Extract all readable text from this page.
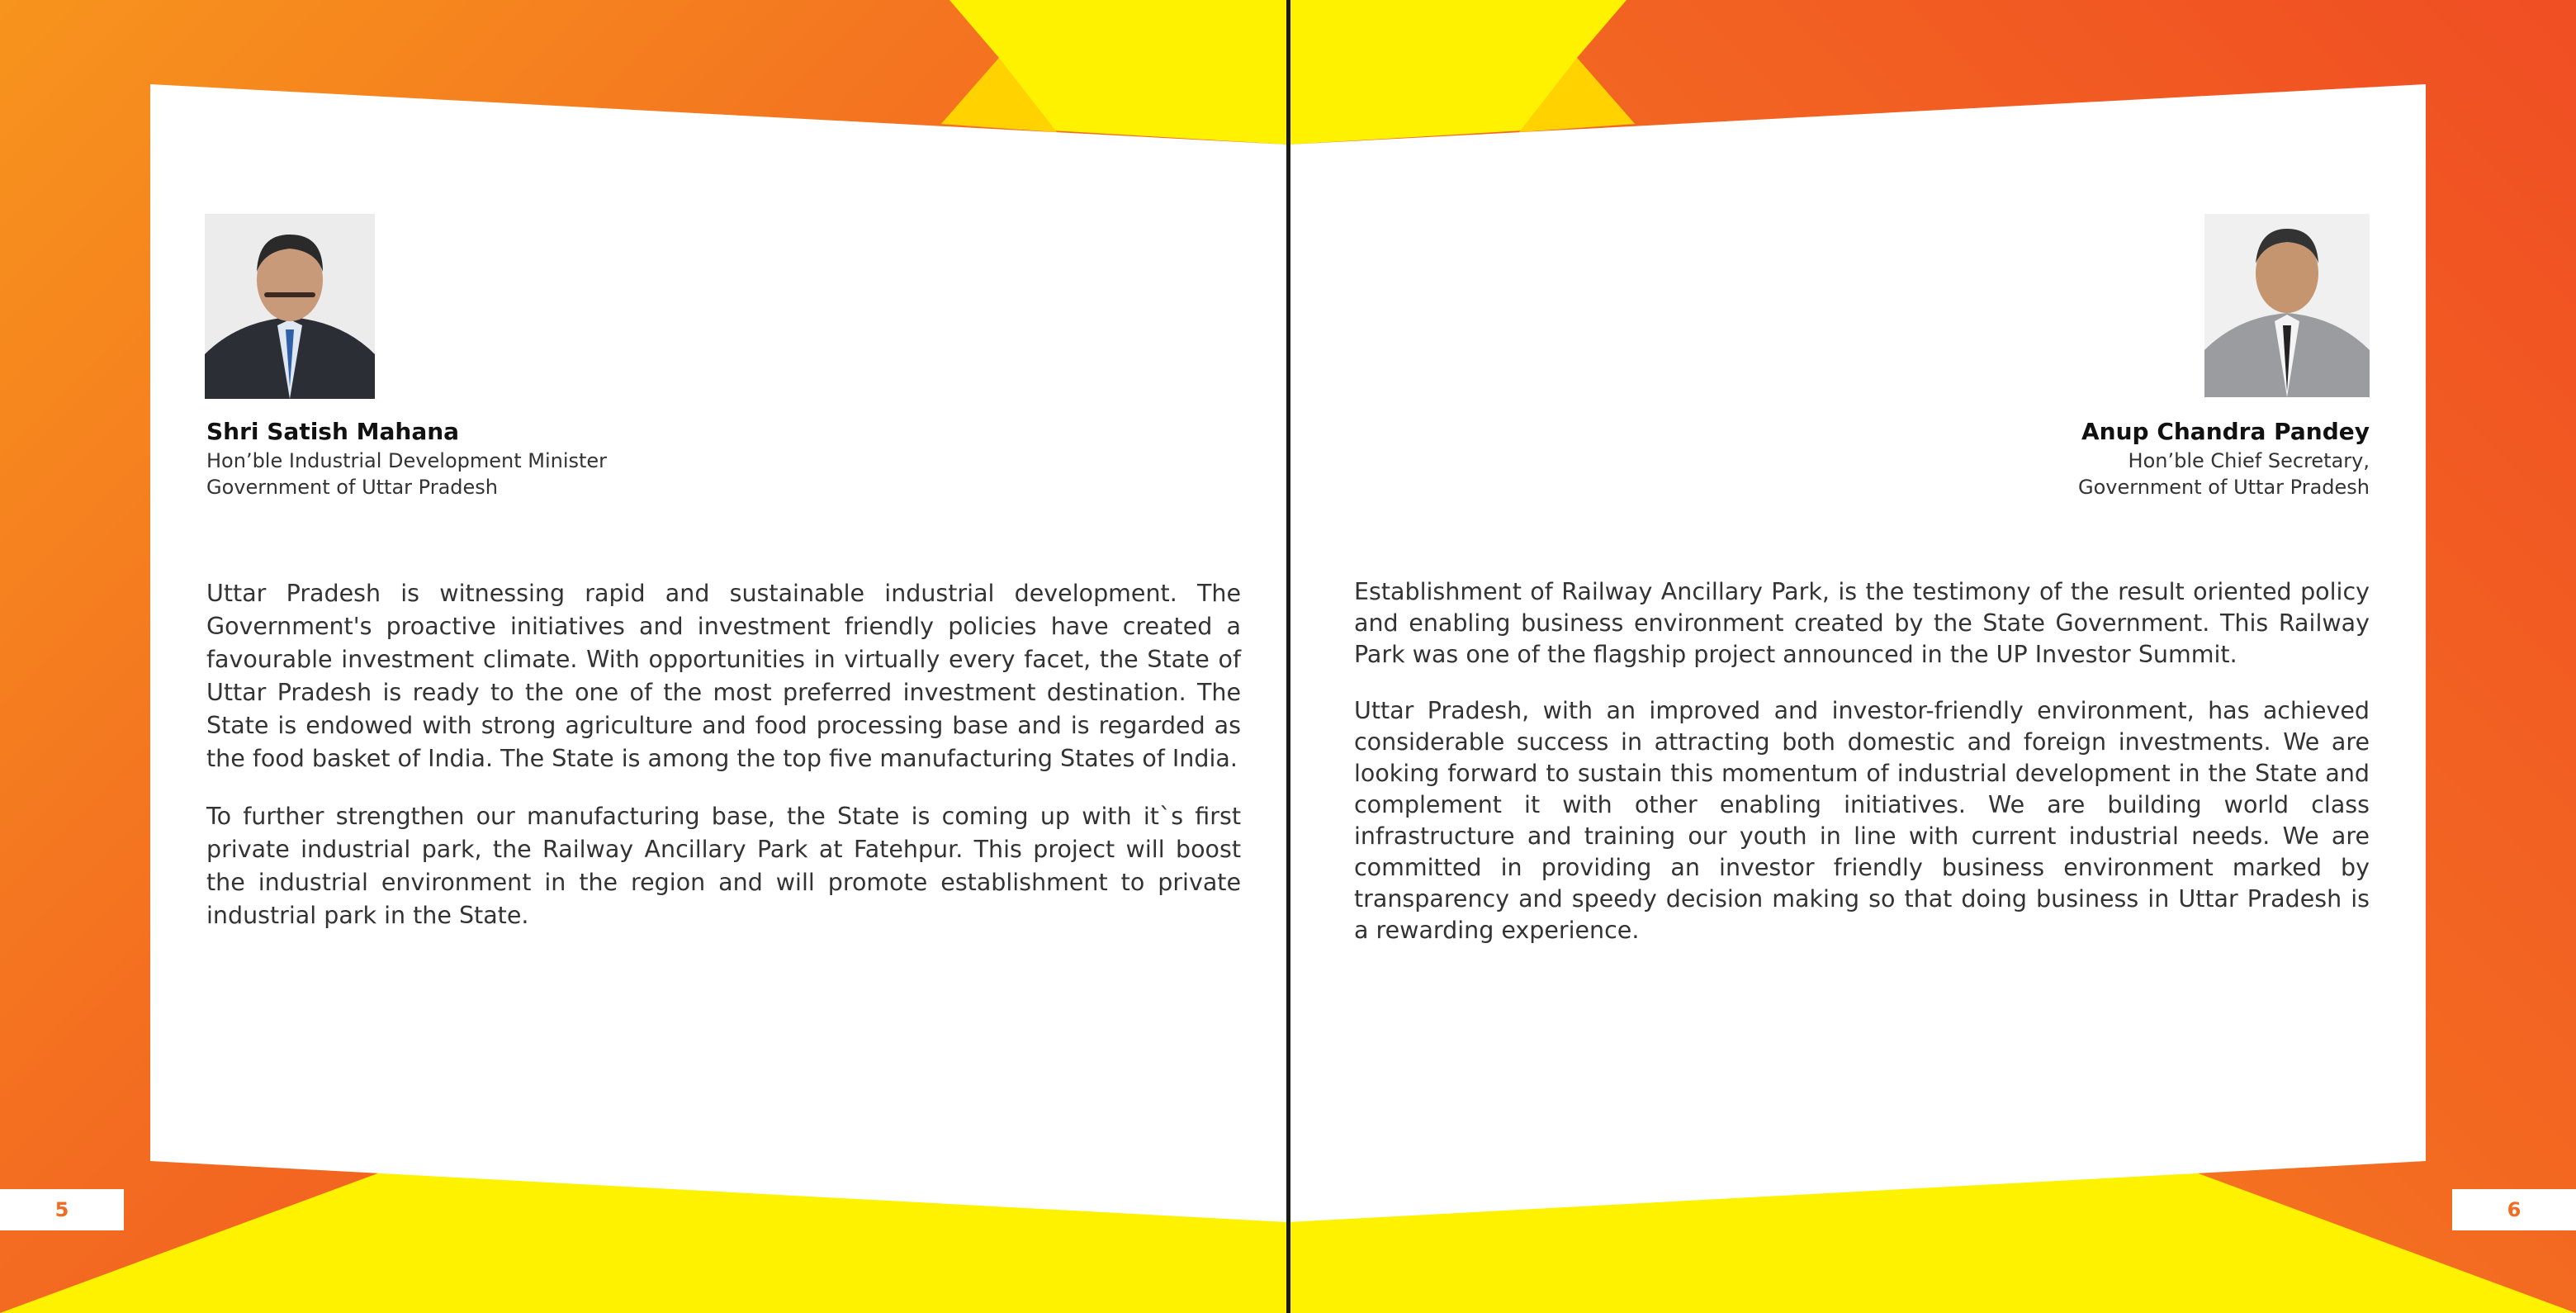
Shri Satish Mahana
Hon’ble Industrial Development Minister
Government of Uttar Pradesh

Uttar Pradesh is witnessing rapid and sustainable industrial development. The Government's proactive initiatives and investment friendly policies have created a favourable investment climate. With opportunities in virtually every facet, the State of Uttar Pradesh is ready to the one of the most preferred investment destination. The State is endowed with strong agriculture and food processing base and is regarded as the food basket of India. The State is among the top five manufacturing States of India.

To further strengthen our manufacturing base, the State is coming up with it`s first private industrial park, the Railway Ancillary Park at Fatehpur. This project will boost the industrial environment in the region and will promote establishment to private industrial park in the State.

5
Anup Chandra Pandey
Hon’ble Chief Secretary,
Government of Uttar Pradesh

Establishment of Railway Ancillary Park, is the testimony of the result oriented policy and enabling business environment created by the State Government. This Railway Park was one of the flagship project announced in the UP Investor Summit.

Uttar Pradesh, with an improved and investor-friendly environment, has achieved considerable success in attracting both domestic and foreign investments. We are looking forward to sustain this momentum of industrial development in the State and complement it with other enabling initiatives. We are building world class infrastructure and training our youth in line with current industrial needs. We are committed in providing an investor friendly business environment marked by transparency and speedy decision making so that doing business in Uttar Pradesh is a rewarding experience.

6
